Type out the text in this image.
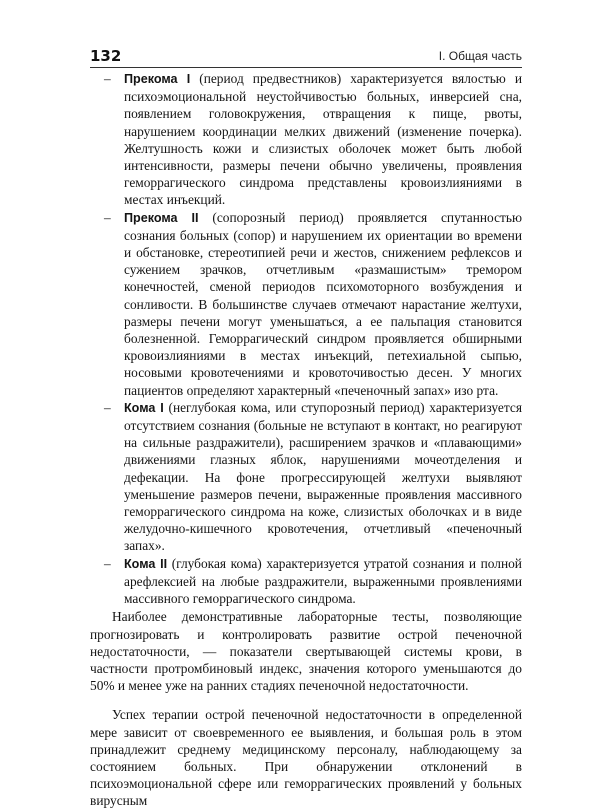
132	I. Общая часть
– Прекома I (период предвестников) характеризуется вялостью и психоэмоциональной неустойчивостью больных, инверсией сна, появлением головокружения, отвращения к пище, рвоты, нарушением координации мелких движений (изменение почерка). Желтушность кожи и слизистых оболочек может быть любой интенсивности, размеры печени обычно увеличены, проявления геморрагического синдрома представлены кровоизлияниями в местах инъекций.

– Прекома II (сопорозный период) проявляется спутанностью сознания больных (сопор) и нарушением их ориентации во времени и обстановке, стереотипией речи и жестов, снижением рефлексов и сужением зрачков, отчетливым «размашистым» тремором конечностей, сменой периодов психомоторного возбуждения и сонливости. В большинстве случаев отмечают нарастание желтухи, размеры печени могут уменьшаться, а ее пальпация становится болезненной. Геморрагический синдром проявляется обширными кровоизлияниями в местах инъекций, петехиальной сыпью, носовыми кровотечениями и кровоточивостью десен. У многих пациентов определяют характерный «печеночный запах» изо рта.

– Кома I (неглубокая кома, или ступорозный период) характеризуется отсутствием сознания (больные не вступают в контакт, но реагируют на сильные раздражители), расширением зрачков и «плавающими» движениями глазных яблок, нарушениями мочеотделения и дефекации. На фоне прогрессирующей желтухи выявляют уменьшение размеров печени, выраженные проявления массивного геморрагического синдрома на коже, слизистых оболочках и в виде желудочно-кишечного кровотечения, отчетливый «печеночный запах».

– Кома II (глубокая кома) характеризуется утратой сознания и полной арефлексией на любые раздражители, выраженными проявлениями массивного геморрагического синдрома.

Наиболее демонстративные лабораторные тесты, позволяющие прогнозировать и контролировать развитие острой печеночной недостаточности, — показатели свертывающей системы крови, в частности протромбиновый индекс, значения которого уменьшаются до 50% и менее уже на ранних стадиях печеночной недостаточности.

Успех терапии острой печеночной недостаточности в определенной мере зависит от своевременного ее выявления, и большая роль в этом принадлежит среднему медицинскому персоналу, наблюдающему за состоянием больных. При обнаружении отклонений в психоэмоциональной сфере или геморрагических проявлений у больных вирусным
